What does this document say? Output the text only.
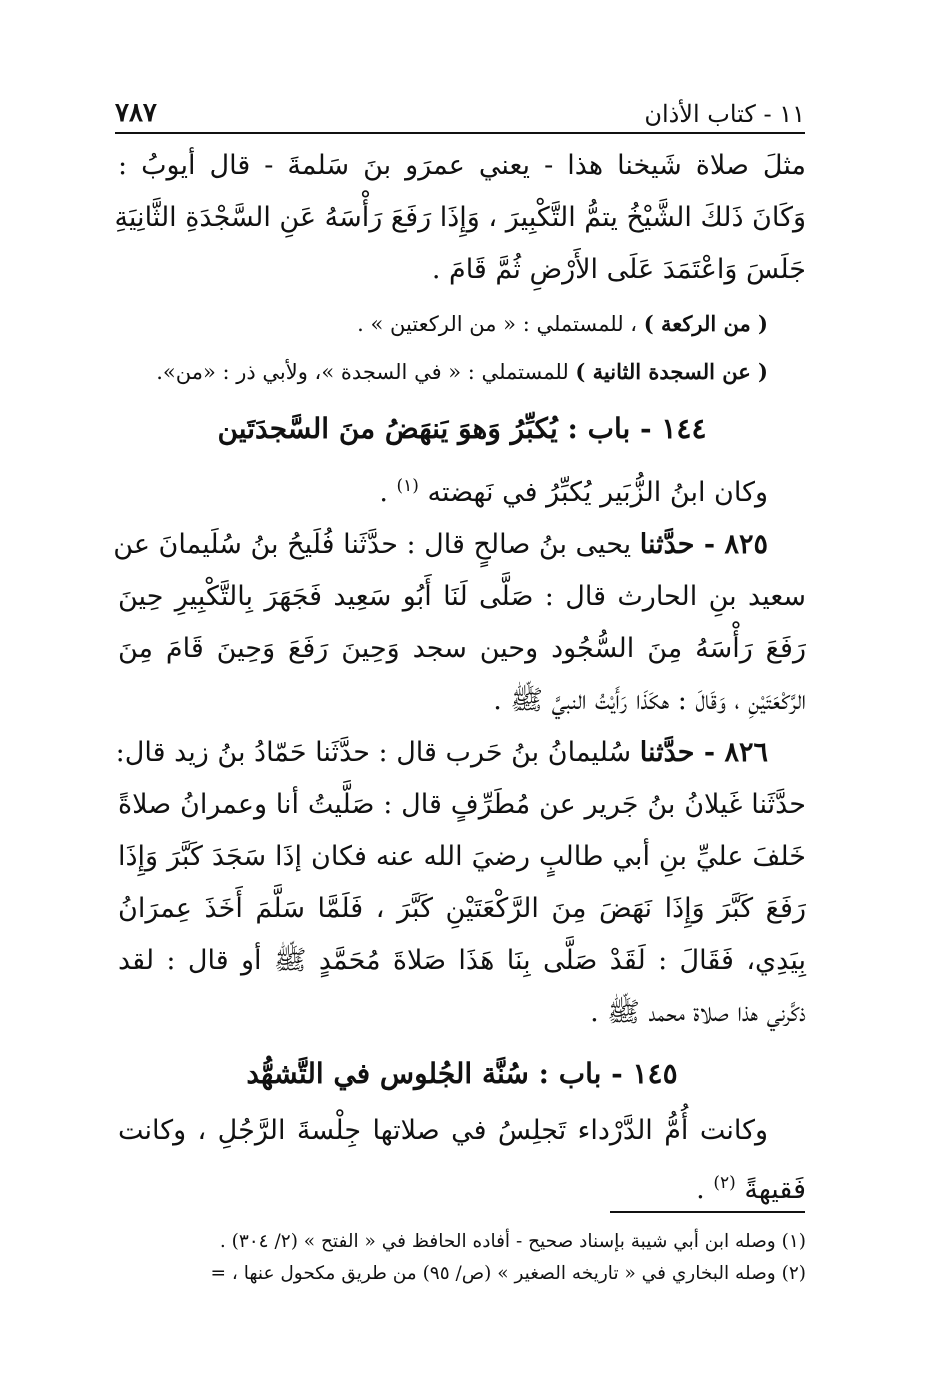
١١ - كتاب الأذان
٧٨٧
مثلَ صلاة شَيخنا هذا - يعني عمرَو بنَ سَلمةَ - قال أيوبُ :
وَكَانَ ذَلكَ الشَّيْخُ يتمُّ التَّكْبِيرَ ، وَإِذَا رَفَعَ رَأْسَهُ عَنِ السَّجْدَةِ الثَّانِيَةِ
جَلَسَ وَاعْتَمَدَ عَلَى الأَرْضِ ثُمَّ قَامَ .
( من الركعة ) ، للمستملي : « من الركعتين » .
( عن السجدة الثانية ) للمستملي : « في السجدة »، ولأبي ذر : «من».
١٤٤ - باب : يُكبِّرُ وَهوَ يَنهَضُ منَ السَّجدَتَين
وكان ابنُ الزُّبَير يُكبِّرُ في نَهضته $^{(١)}$ .
٨٢٥ - حدَّثنا يحيى بنُ صالحٍ قال : حدَّثَنا فُلَيحُ بنُ سُلَيمانَ عن
سعيد بنِ الحارث قال : صَلَّى لَنَا أَبُو سَعِيد فَجَهَرَ بِالتَّكْبِيرِ حِينَ
رَفَعَ رَأْسَهُ مِنَ السُّجُود وحين سجد وَحِينَ رَفَعَ وَحِينَ قَامَ مِنَ
الرَّكْعَتَيْنِ ، وَقَالَ : هكَذَا رَأَيْتُ النبيَّ ﷺ .
٨٢٦ - حدَّثنا سُليمانُ بنُ حَرب قال : حدَّثَنا حَمّادُ بنُ زيد قال:
حدَّثَنا غَيلانُ بنُ جَرير عن مُطَرِّفٍ قال : صَلَّيتُ أنا وعمرانُ صلاةً
خَلفَ عليِّ بنِ أبي طالبٍ رضيَ الله عنه فكان إذَا سَجَدَ كَبَّرَ وَإِذَا
رَفَعَ كَبَّرَ وَإِذَا نَهَضَ مِنَ الرَّكْعَتَيْنِ كَبَّرَ ، فَلَمَّا سَلَّمَ أَخَذَ عِمرَانُ
بِيَدِي، فَقَالَ : لَقَدْ صَلَّى بِنَا هَذَا صَلاةَ مُحَمَّدٍ ﷺ أو قال : لقد
ذكَّرني هذا صلاة محمد ﷺ .
١٤٥ - باب : سُنَّة الجُلوس في التَّشهُّد
وكانت أُمُّ الدَّرْداء تَجلِسُ في صلاتها جِلْسةَ الرَّجُلِ ، وكانت
فَقيهةً $^{(٢)}$ .
(١) وصله ابن أبي شيبة بإسناد صحيح - أفاده الحافظ في « الفتح » (٢/ ٣٠٤) .
(٢) وصله البخاري في « تاريخه الصغير » (ص/ ٩٥) من طريق مكحول عنها ، =
